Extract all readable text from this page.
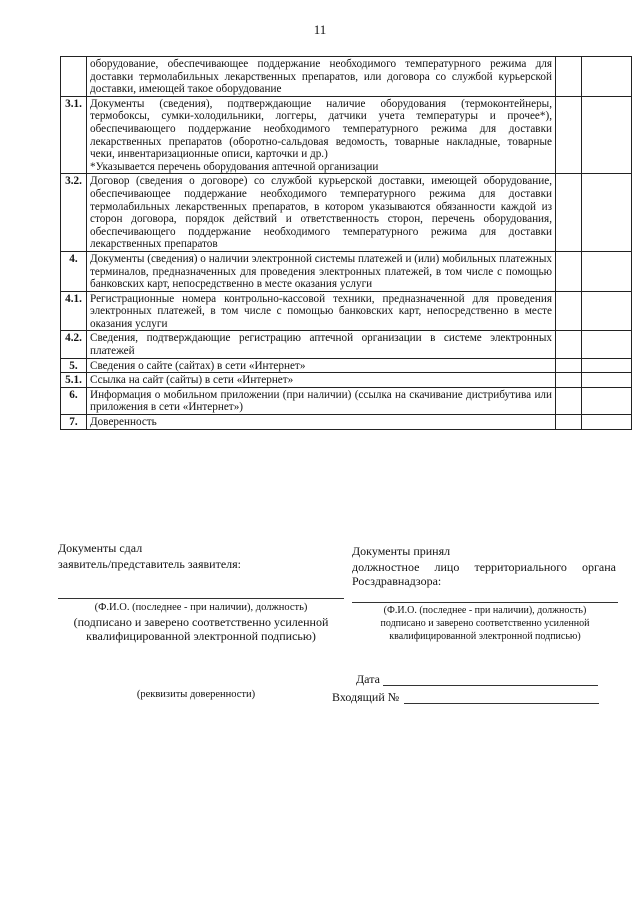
11
	оборудование, обеспечивающее поддержание необходимого температурного режима для доставки термолабильных лекарственных препаратов, или договора со службой курьерской доставки, имеющей такое оборудование		
3.1.	Документы (сведения), подтверждающие наличие оборудования (термоконтейнеры, термобоксы, сумки-холодильники, логгеры, датчики учета температуры и прочее*), обеспечивающего поддержание необходимого температурного режима для доставки лекарственных препаратов (оборотно-сальдовая ведомость, товарные накладные, товарные чеки, инвентаризационные описи, карточки и др.)
*Указывается перечень оборудования аптечной организации		

3.2.	Договор (сведения о договоре) со службой курьерской доставки, имеющей оборудование, обеспечивающее поддержание необходимого температурного режима для доставки термолабильных лекарственных препаратов, в котором указываются обязанности каждой из сторон договора, порядок действий и ответственность сторон, перечень оборудования, обеспечивающего поддержание необходимого температурного режима для доставки лекарственных препаратов		
4.	Документы (сведения) о наличии электронной системы платежей и (или) мобильных платежных терминалов, предназначенных для проведения электронных платежей, в том числе с помощью банковских карт, непосредственно в месте оказания услуги		
4.1.	Регистрационные номера контрольно-кассовой техники, предназначенной для проведения электронных платежей, в том числе с помощью банковских карт, непосредственно в месте оказания услуги		
4.2.	Сведения, подтверждающие регистрацию аптечной организации в системе электронных платежей		
5.	Сведения о сайте (сайтах) в сети «Интернет»		
5.1.	Ссылка на сайт (сайты) в сети «Интернет»		
6.	Информация о мобильном приложении (при наличии) (ссылка на скачивание дистрибутива или приложения в сети «Интернет»)		
7.	Доверенность		
Документы сдал
заявитель/представитель заявителя:
(Ф.И.О. (последнее - при наличии), должность)
(подписано и заверено соответственно усиленной квалифицированной электронной подписью)
(реквизиты доверенности)
Документы принял
должностное лицо территориального органа Росздравнадзора:
(Ф.И.О. (последнее - при наличии), должность)
подписано и заверено соответственно усиленной квалифицированной электронной подписью)
Дата
Входящий №
